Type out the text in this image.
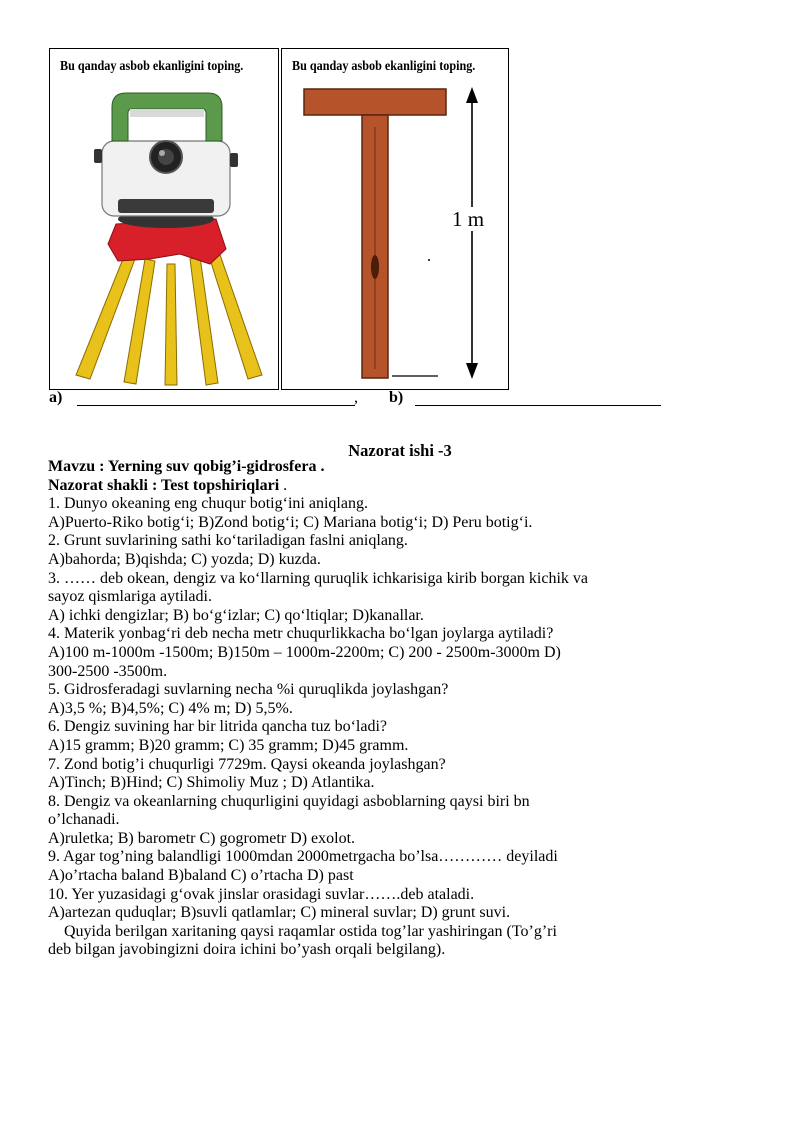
Bu qanday asbob ekanligini toping.	Bu qanday asbob ekanligini toping.
1 m
a)	, b)
Nazorat ishi -3

Mavzu : Yerning suv qobig’i-gidrosfera .

Nazorat shakli : Test topshiriqlari .

1. Dunyo okeaning eng chuqur botig‘ini aniqlang.

A)Puerto-Riko botig‘i; B)Zond botig‘i; C) Mariana botig‘i; D) Peru botig‘i.

2. Grunt suvlarining sathi ko‘tariladigan faslni aniqlang.

A)bahorda; B)qishda; C) yozda; D) kuzda.

3. …… deb okean, dengiz va ko‘llarning quruqlik ichkarisiga kirib borgan kichik va

sayoz qismlariga aytiladi.

A) ichki dengizlar; B) bo‘g‘izlar; C) qo‘ltiqlar; D)kanallar.

4. Materik yonbag‘ri deb necha metr chuqurlikkacha bo‘lgan joylarga aytiladi?

A)100 m-1000m -1500m; B)150m – 1000m-2200m; C) 200 - 2500m-3000m D)

300-2500 -3500m.

5. Gidrosferadagi suvlarning necha %i quruqlikda joylashgan?

A)3,5 %; B)4,5%; C) 4% m; D) 5,5%.

6. Dengiz suvining har bir litrida qancha tuz bo‘ladi?

A)15 gramm; B)20 gramm; C) 35 gramm; D)45 gramm.

7. Zond botig’i chuqurligi 7729m. Qaysi okeanda joylashgan?

A)Tinch; B)Hind; C) Shimoliy Muz ; D) Atlantika.

8. Dengiz va okeanlarning chuqurligini quyidagi asboblarning qaysi biri bn

o’lchanadi.

A)ruletka; B) barometr C) gogrometr D) exolot.

9. Agar tog’ning balandligi 1000mdan 2000metrgacha bo’lsa………… deyiladi

A)o’rtacha baland B)baland C) o’rtacha D) past

10. Yer yuzasidagi g‘ovak jinslar orasidagi suvlar…….deb ataladi.

A)artezan quduqlar; B)suvli qatlamlar; C) mineral suvlar; D) grunt suvi.

Quyida berilgan xaritaning qaysi raqamlar ostida tog’lar yashiringan (To’g’ri

deb bilgan javobingizni doira ichini bo’yash orqali belgilang).
